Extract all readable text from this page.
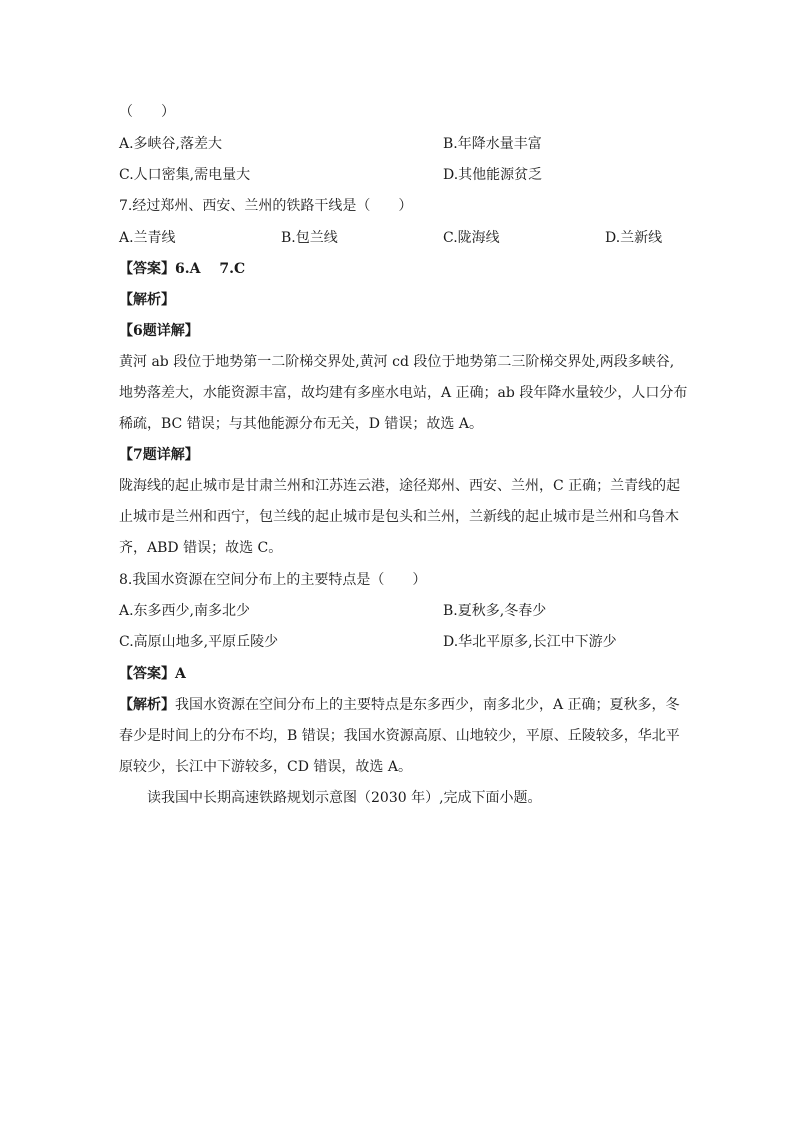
（　　）
A.多峡谷,落差大	B.年降水量丰富
C.人口密集,需电量大	D.其他能源贫乏
7.经过郑州、西安、兰州的铁路干线是（　　）
A.兰青线	B.包兰线	C.陇海线	D.兰新线
【答案】6.A　 7.C
【解析】
【6题详解】
黄河 ab 段位于地势第一二阶梯交界处,黄河 cd 段位于地势第二三阶梯交界处,两段多峡谷,
地势落差大，水能资源丰富，故均建有多座水电站，A 正确；ab 段年降水量较少，人口分布
稀疏，BC 错误；与其他能源分布无关，D 错误；故选 A。
【7题详解】
陇海线的起止城市是甘肃兰州和江苏连云港，途径郑州、西安、兰州，C 正确；兰青线的起
止城市是兰州和西宁，包兰线的起止城市是包头和兰州，兰新线的起止城市是兰州和乌鲁木
齐，ABD 错误；故选 C。
8.我国水资源在空间分布上的主要特点是（　　）
A.东多西少,南多北少	B.夏秋多,冬春少
C.高原山地多,平原丘陵少	D.华北平原多,长江中下游少
【答案】A
【解析】我国水资源在空间分布上的主要特点是东多西少，南多北少，A 正确；夏秋多，冬
春少是时间上的分布不均，B 错误；我国水资源高原、山地较少，平原、丘陵较多，华北平
原较少，长江中下游较多，CD 错误，故选 A。
读我国中长期高速铁路规划示意图（2030 年）,完成下面小题。
